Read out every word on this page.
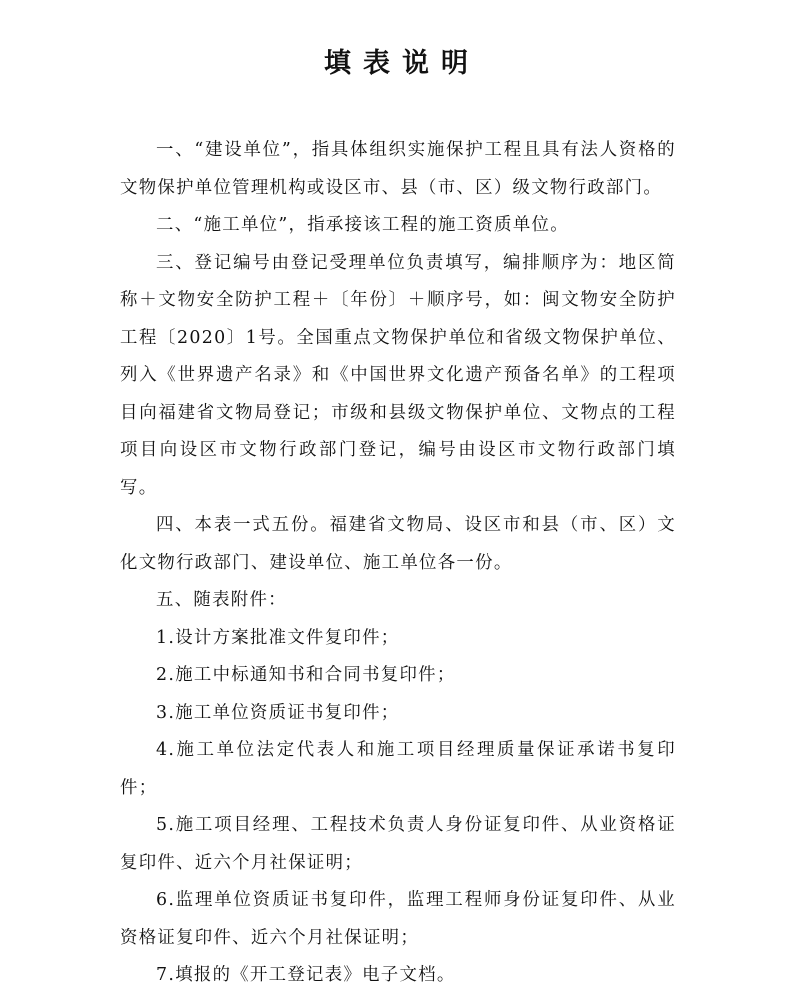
填表说明

一、“建设单位”，指具体组织实施保护工程且具有法人资格的文物保护单位管理机构或设区市、县（市、区）级文物行政部门。

二、“施工单位”，指承接该工程的施工资质单位。

三、登记编号由登记受理单位负责填写，编排顺序为：地区简称＋文物安全防护工程＋〔年份〕＋顺序号，如：闽文物安全防护工程〔2020〕1号。全国重点文物保护单位和省级文物保护单位、列入《世界遗产名录》和《中国世界文化遗产预备名单》的工程项目向福建省文物局登记；市级和县级文物保护单位、文物点的工程项目向设区市文物行政部门登记，编号由设区市文物行政部门填写。

四、本表一式五份。福建省文物局、设区市和县（市、区）文化文物行政部门、建设单位、施工单位各一份。

五、随表附件：

1.设计方案批准文件复印件；

2.施工中标通知书和合同书复印件；

3.施工单位资质证书复印件；

4.施工单位法定代表人和施工项目经理质量保证承诺书复印件；

5.施工项目经理、工程技术负责人身份证复印件、从业资格证复印件、近六个月社保证明；

6.监理单位资质证书复印件，监理工程师身份证复印件、从业资格证复印件、近六个月社保证明；

7.填报的《开工登记表》电子文档。
